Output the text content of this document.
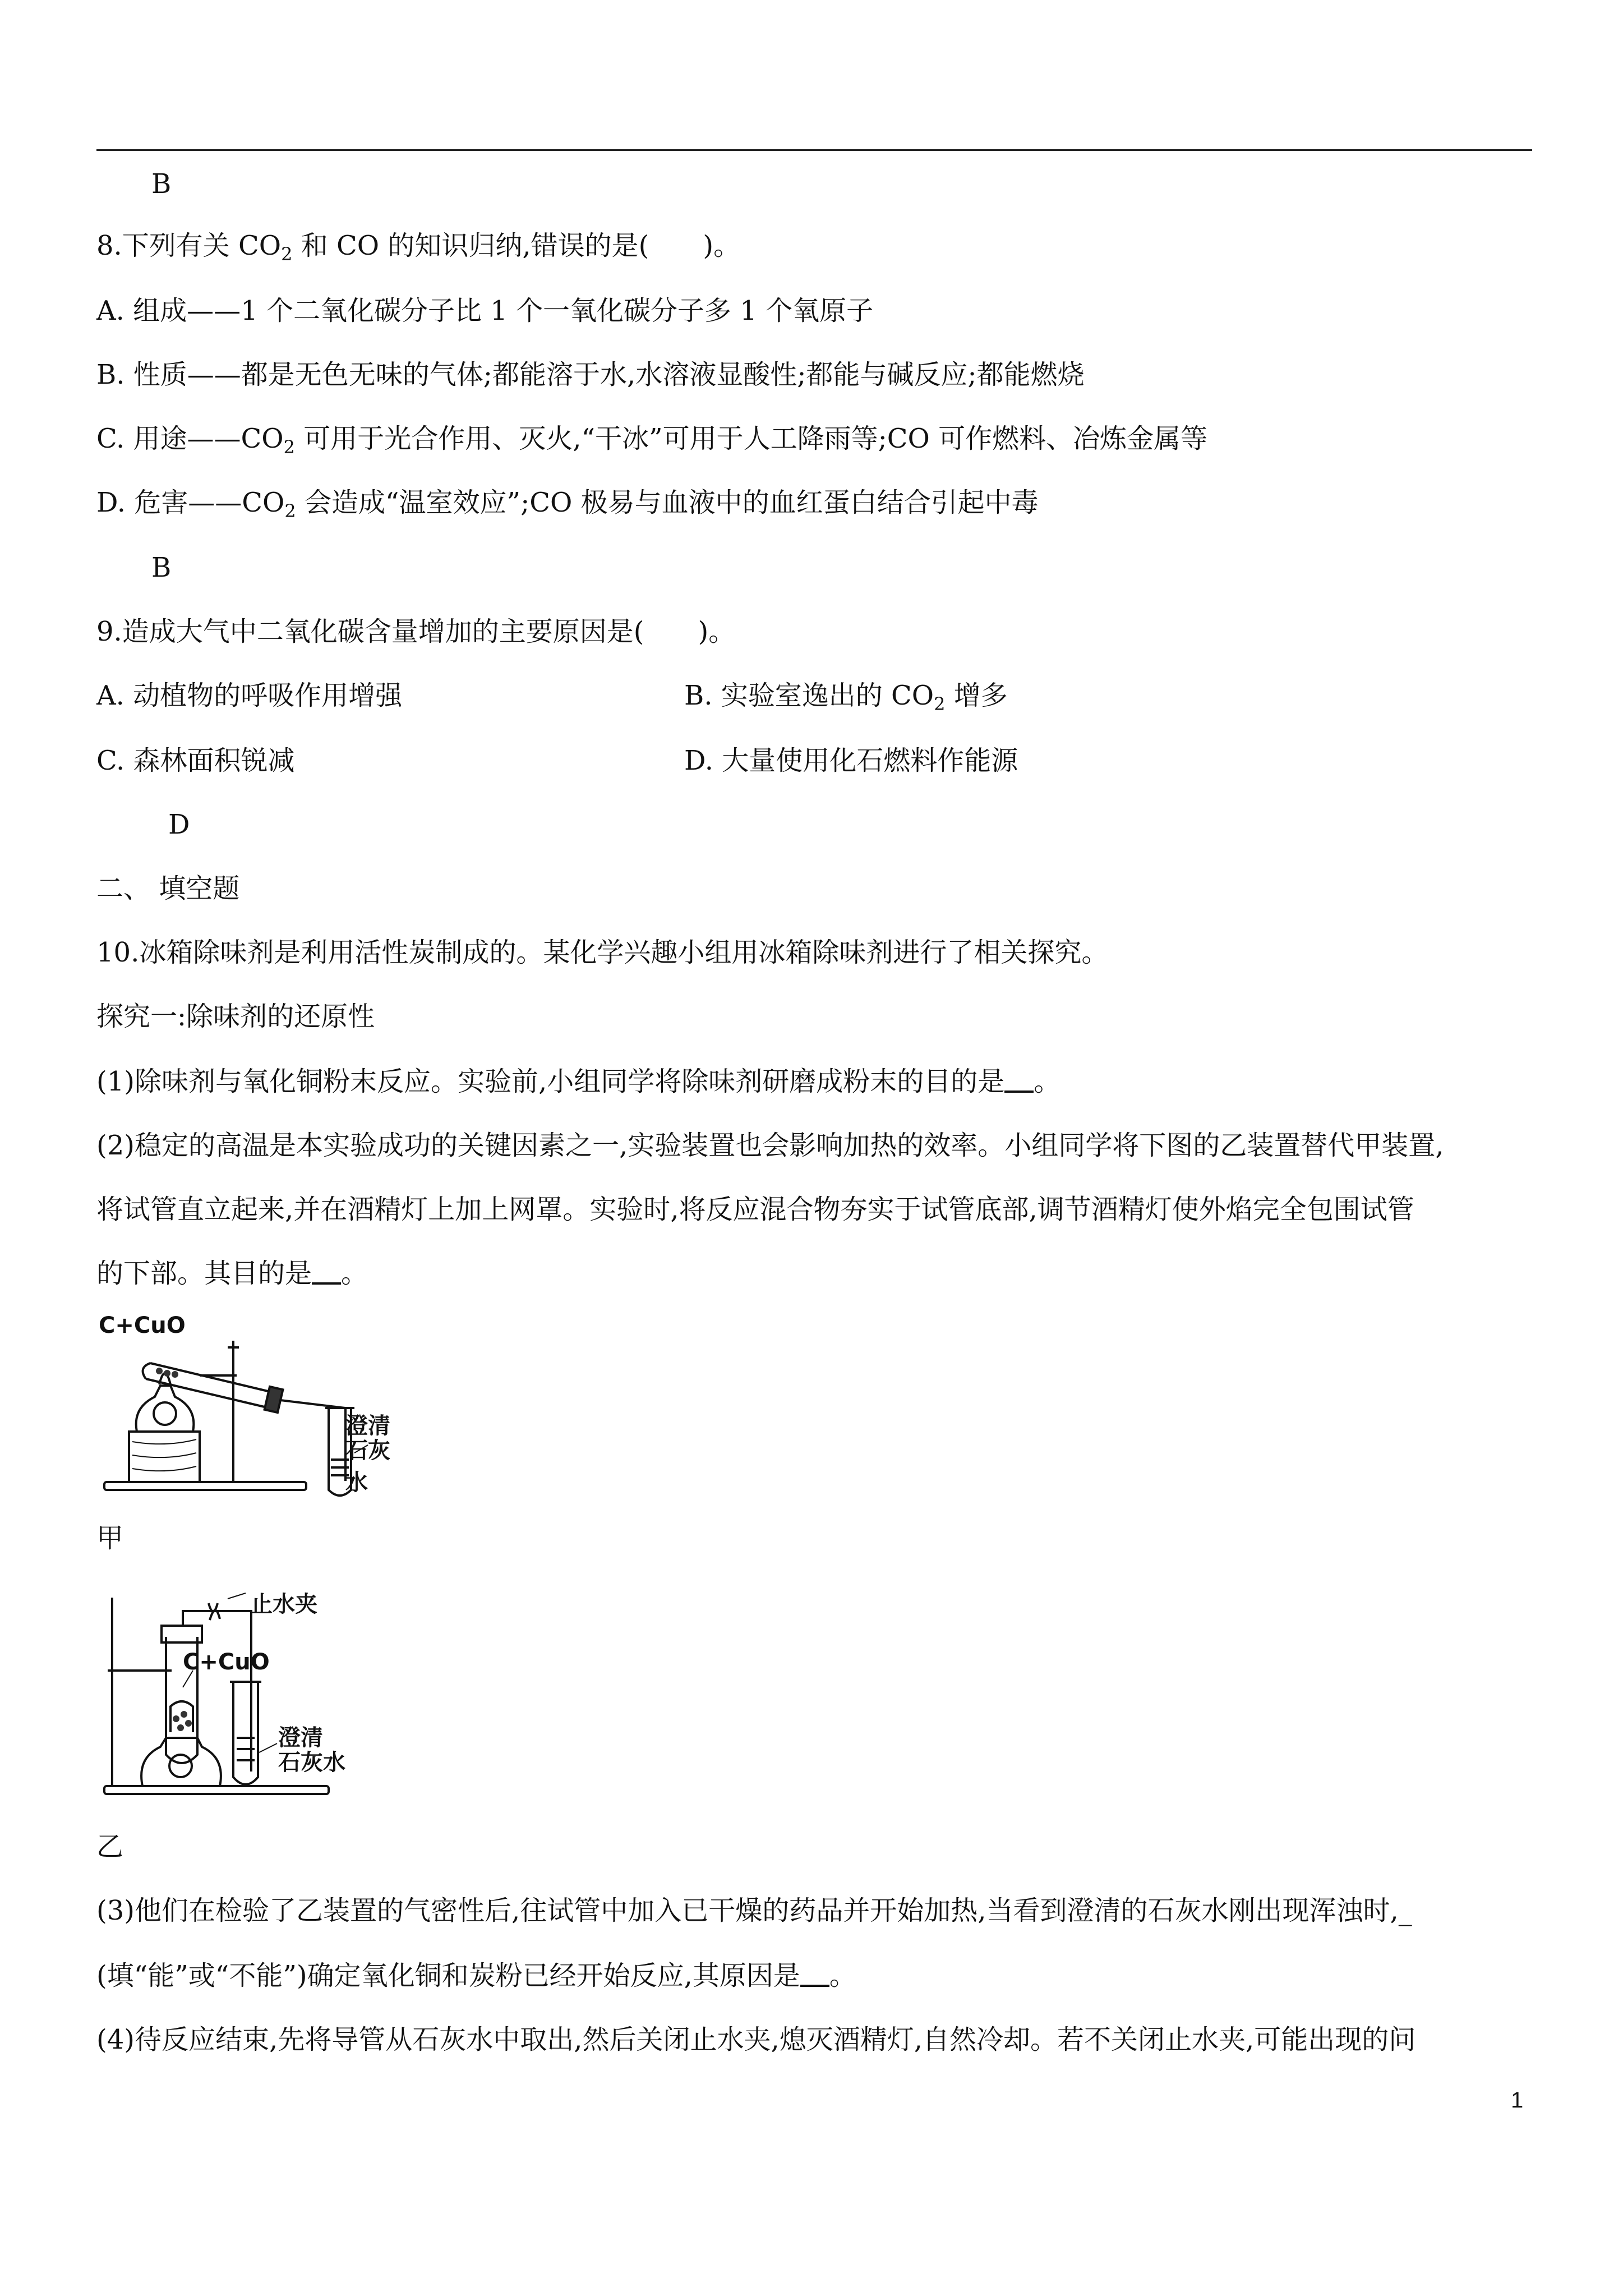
B
8.下列有关 $CO_2$ 和 CO 的知识归纳,错误的是(　　)。
A. 组成——1 个二氧化碳分子比 1 个一氧化碳分子多 1 个氧原子
B. 性质——都是无色无味的气体;都能溶于水,水溶液显酸性;都能与碱反应;都能燃烧
C. 用途$——CO_2$ 可用于光合作用、灭火,“干冰”可用于人工降雨等;CO 可作燃料、冶炼金属等
D. 危害$——CO_2$ 会造成“温室效应”;CO 极易与血液中的血红蛋白结合引起中毒
B
9.造成大气中二氧化碳含量增加的主要原因是(　　)。
A. 动植物的呼吸作用增强	B. 实验室逸出的 $CO_2$ 增多
C. 森林面积锐减	D. 大量使用化石燃料作能源
D
二、 填空题
10.冰箱除味剂是利用活性炭制成的。某化学兴趣小组用冰箱除味剂进行了相关探究。
探究一:除味剂的还原性
(1)除味剂与氧化铜粉末反应。实验前,小组同学将除味剂研磨成粉末的目的是 。
(2)稳定的高温是本实验成功的关键因素之一,实验装置也会影响加热的效率。小组同学将下图的乙装置替代甲装置,
将试管直立起来,并在酒精灯上加上网罩。实验时,将反应混合物夯实于试管底部,调节酒精灯使外焰完全包围试管
的下部。其目的是 。
C+CuO
澄清
石灰水
甲
止水夹
C+CuO
澄清
石灰水
乙
(3)他们在检验了乙装置的气密性后,往试管中加入已干燥的药品并开始加热,当看到澄清的石灰水刚出现浑浊时,_
(填“能”或“不能”)确定氧化铜和炭粉已经开始反应,其原因是 。
(4)待反应结束,先将导管从石灰水中取出,然后关闭止水夹,熄灭酒精灯,自然冷却。若不关闭止水夹,可能出现的问
1
